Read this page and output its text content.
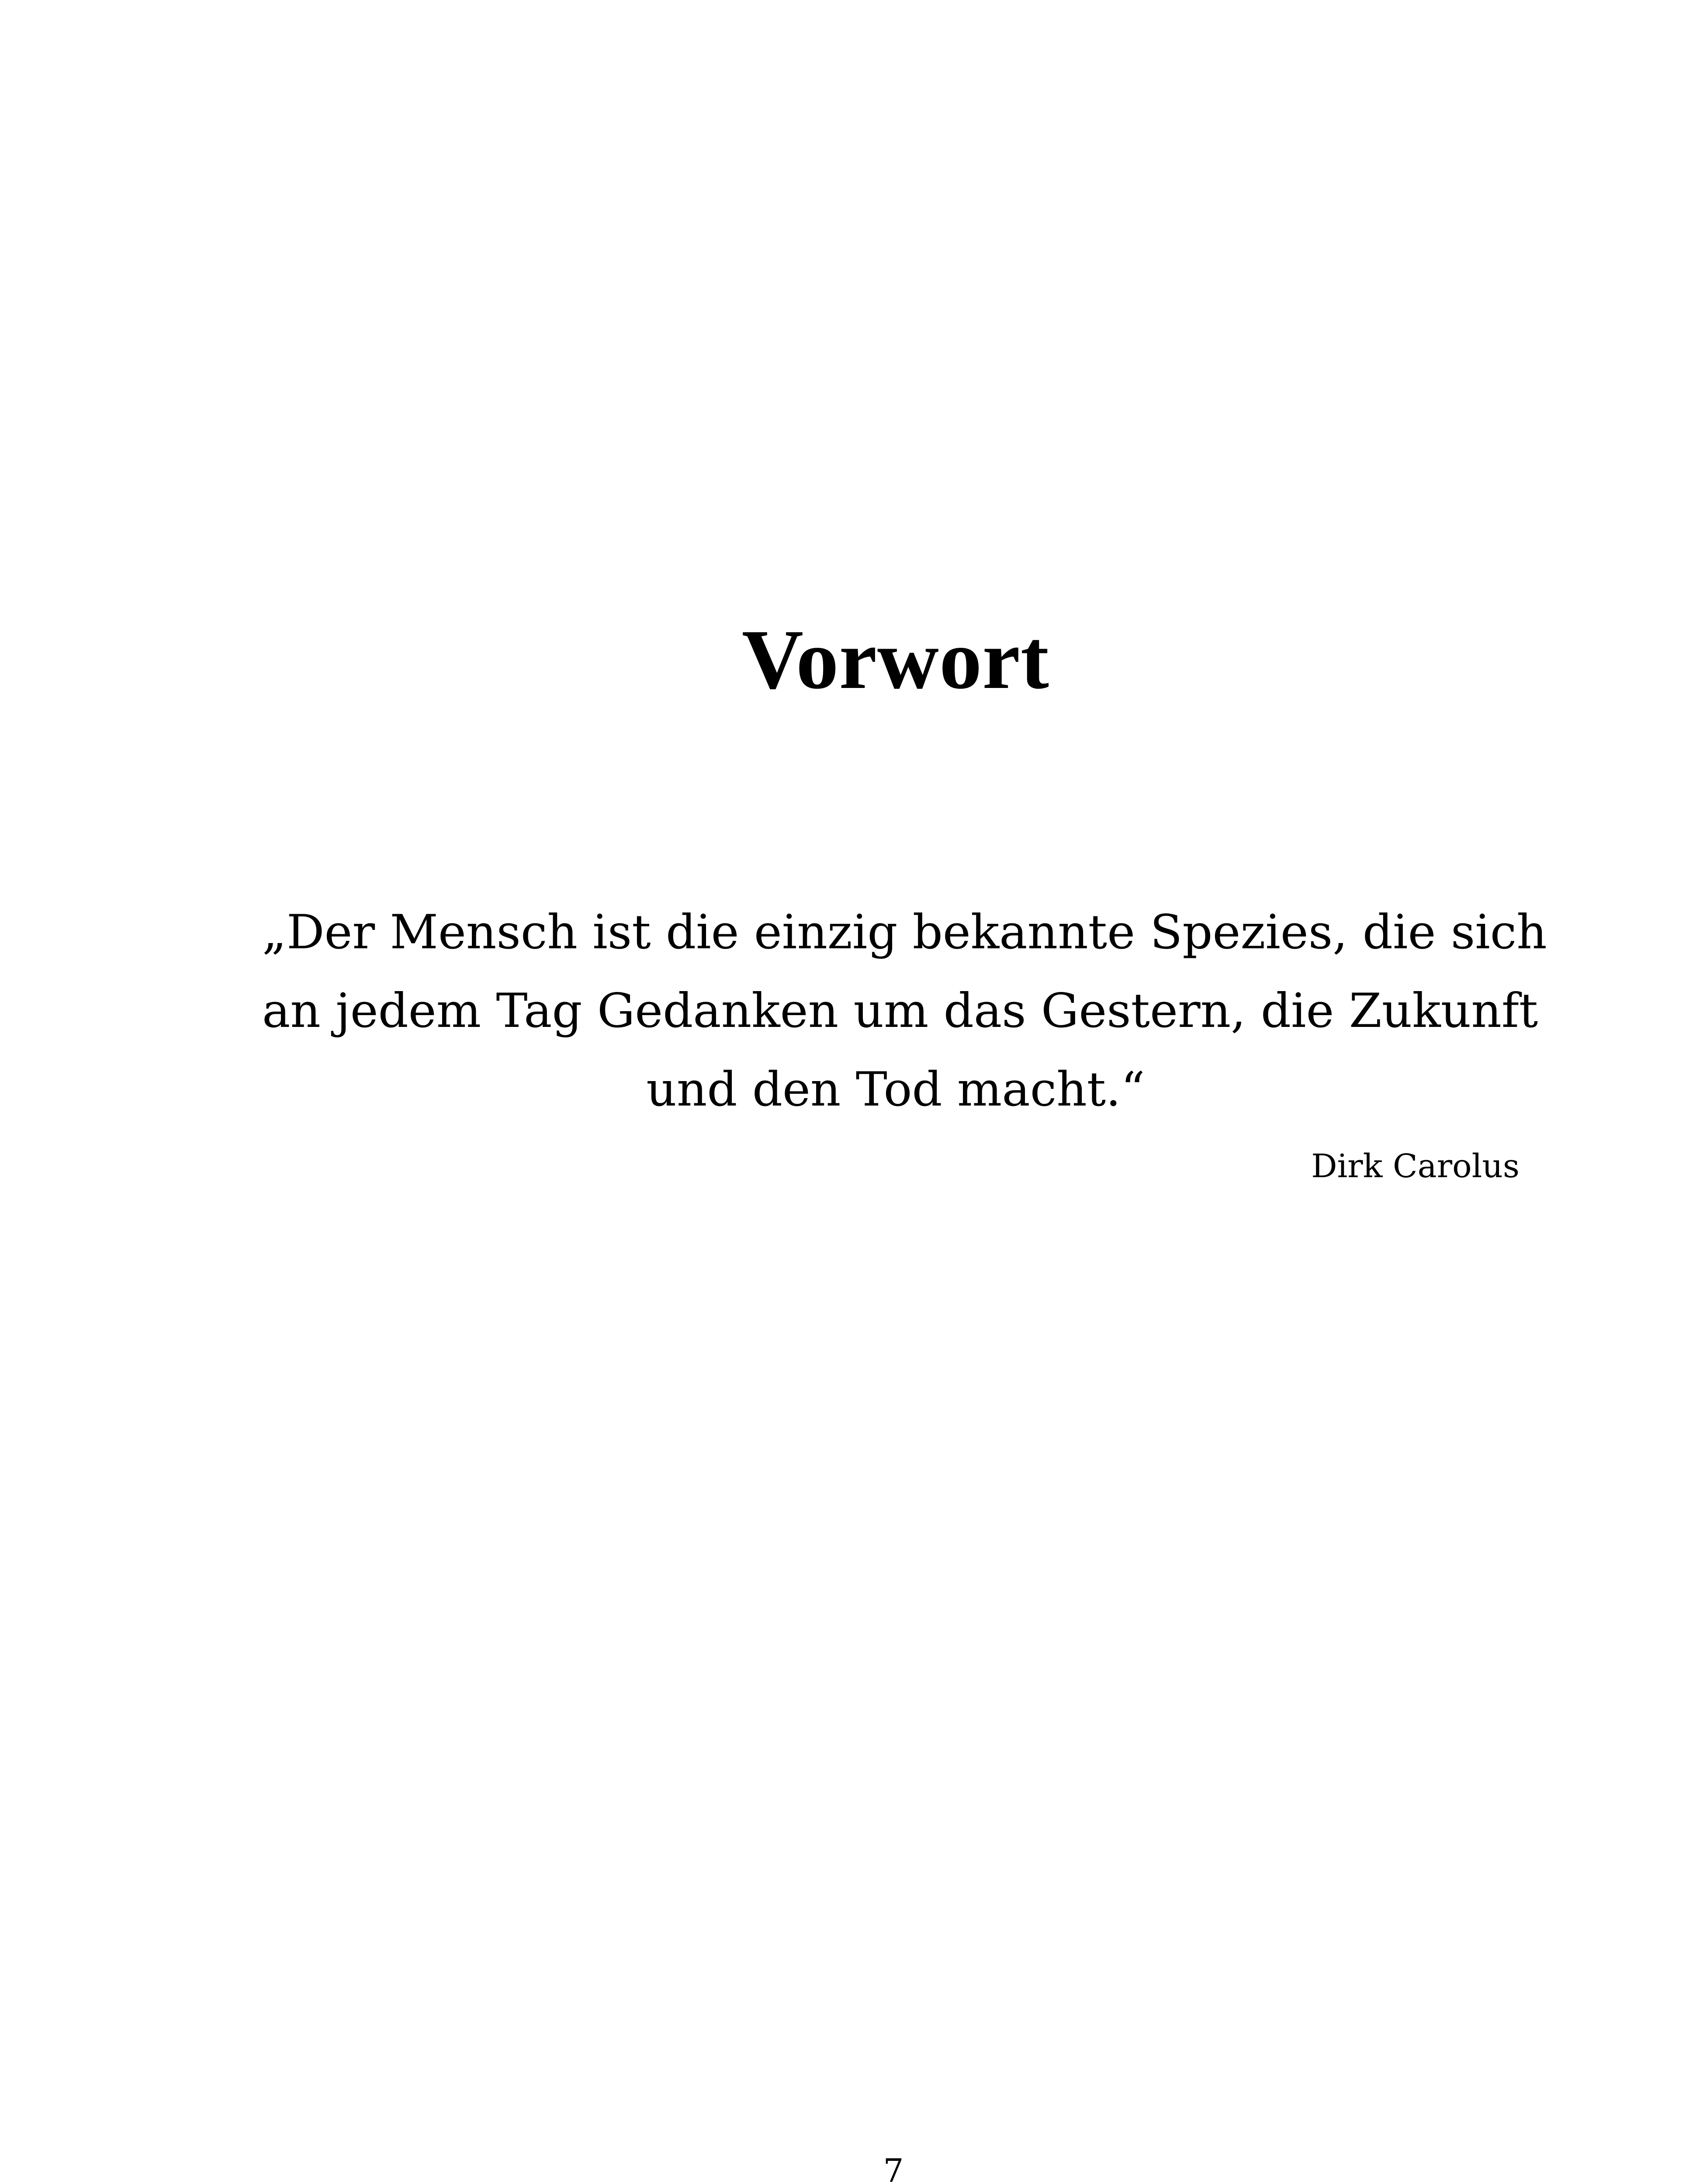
Vorwort

„Der Mensch ist die einzig bekannte Spezies, die sich
an jedem Tag Gedanken um das Gestern, die Zukunft
und den Tod macht.“

Dirk Carolus

7
